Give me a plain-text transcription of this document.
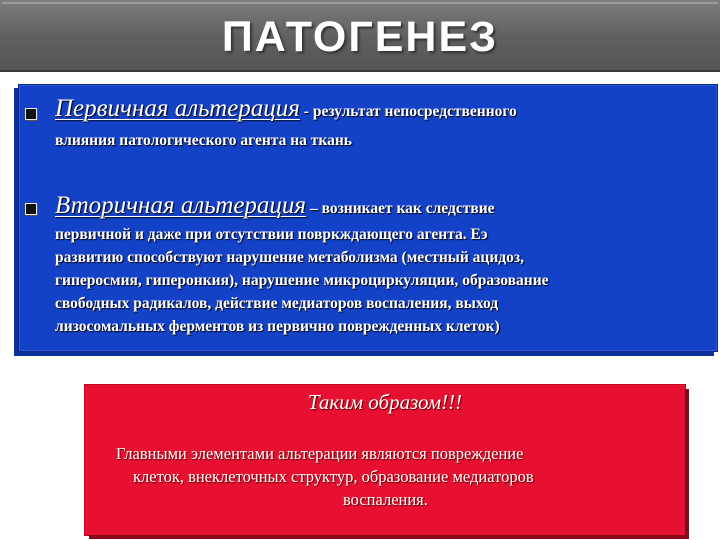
ПАТОГЕНЕЗ
Первичная альтерация - результат непосредственного
влияния патологического агента на ткань
Вторичная альтерация – возникает как следствие
первичной и даже при отсутствии повркждающего агента. Еэ
развитию способствуют нарушение метаболизма (местный ацидоз,
гиперосмия, гиперонкия), нарушение микроциркуляции, образование
свободных радикалов, действие медиаторов воспаления, выход
лизосомальных ферментов из первично поврежденных клеток)
Таким образом!!!
Главными элементами альтерации являются повреждение
клеток, внеклеточных структур, образование медиаторов
воспаления.
